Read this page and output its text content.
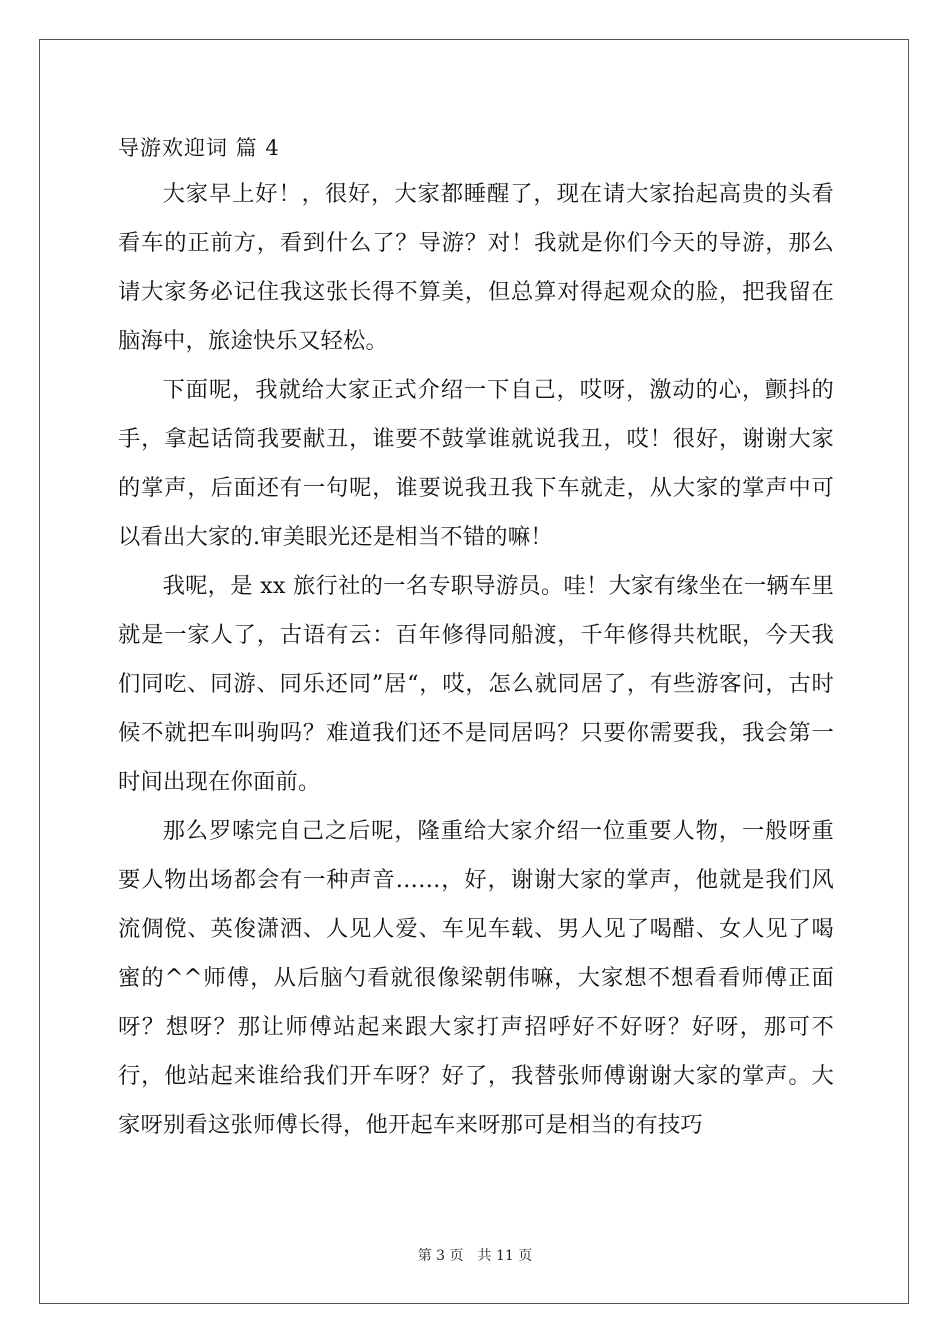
导游欢迎词 篇 4

大家早上好！，很好，大家都睡醒了，现在请大家抬起高贵的头看看车的正前方，看到什么了？导游？对！我就是你们今天的导游，那么请大家务必记住我这张长得不算美，但总算对得起观众的脸，把我留在脑海中，旅途快乐又轻松。

下面呢，我就给大家正式介绍一下自己，哎呀，激动的心，颤抖的手，拿起话筒我要献丑，谁要不鼓掌谁就说我丑，哎！很好，谢谢大家的掌声，后面还有一句呢，谁要说我丑我下车就走，从大家的掌声中可以看出大家的.审美眼光还是相当不错的嘛！

我呢，是 xx 旅行社的一名专职导游员。哇！大家有缘坐在一辆车里就是一家人了，古语有云：百年修得同船渡，千年修得共枕眠，今天我们同吃、同游、同乐还同”居“，哎，怎么就同居了，有些游客问，古时候不就把车叫驹吗？难道我们还不是同居吗？只要你需要我，我会第一时间出现在你面前。

那么罗嗦完自己之后呢，隆重给大家介绍一位重要人物，一般呀重要人物出场都会有一种声音……，好，谢谢大家的掌声，他就是我们风流倜傥、英俊潇洒、人见人爱、车见车载、男人见了喝醋、女人见了喝蜜的^^师傅，从后脑勺看就很像梁朝伟嘛，大家想不想看看师傅正面呀？想呀？那让师傅站起来跟大家打声招呼好不好呀？好呀，那可不行，他站起来谁给我们开车呀？好了，我替张师傅谢谢大家的掌声。大家呀别看这张师傅长得，他开起车来呀那可是相当的有技巧

第 3 页 共 11 页
